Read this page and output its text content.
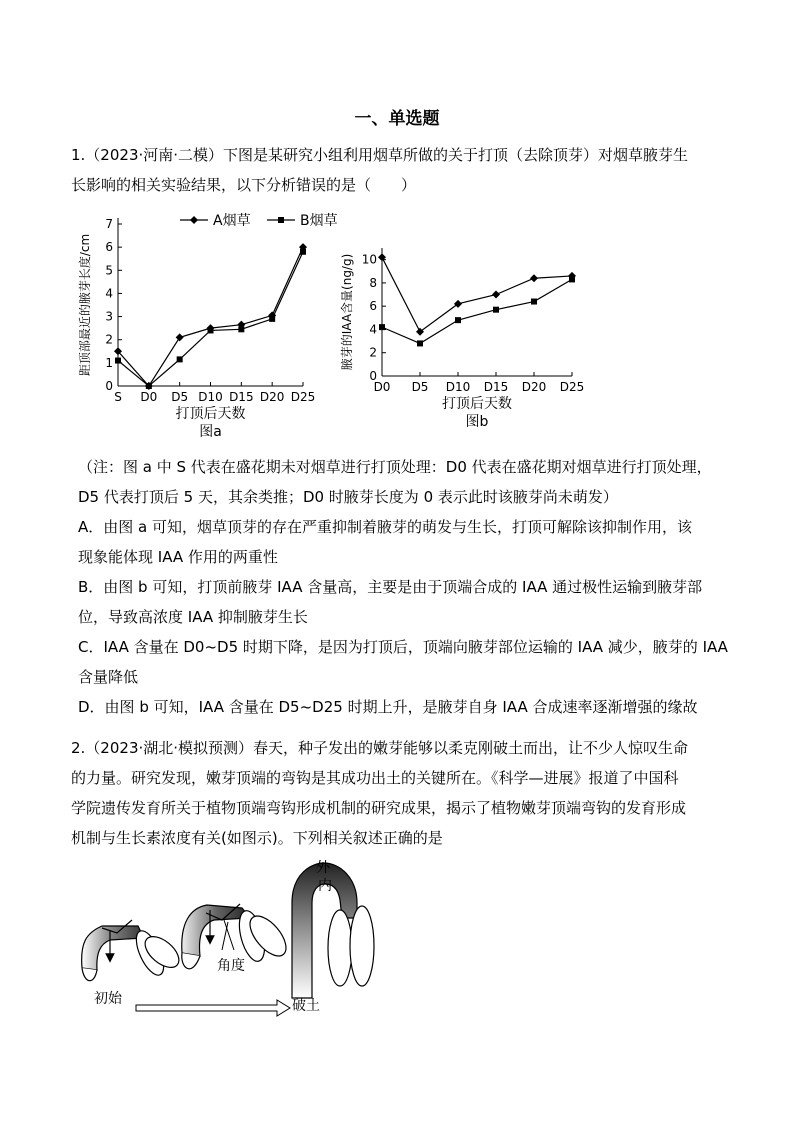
一、单选题

1.（2023·河南·二模）下图是某研究小组利用烟草所做的关于打顶（去除顶芽）对烟草腋芽生

长影响的相关实验结果，以下分析错误的是（　　）

0
1
2
3
4
5
6
7
S D0 D5 D10 D15 D20 D25
A烟草	B烟草
距顶部最近的腋芽长度/cm
打顶后天数
图a
0
2
4
6
8
10
D0 D5 D10 D15 D20 D25
腋芽的IAA含量(ng/g)
打顶后天数
图b

（注：图 a 中 S 代表在盛花期未对烟草进行打顶处理：D0 代表在盛花期对烟草进行打顶处理，

D5 代表打顶后 5 天，其余类推；D0 时腋芽长度为 0 表示此时该腋芽尚未萌发）

A．由图 a 可知，烟草顶芽的存在严重抑制着腋芽的萌发与生长，打顶可解除该抑制作用，该

现象能体现 IAA 作用的两重性

B．由图 b 可知，打顶前腋芽 IAA 含量高，主要是由于顶端合成的 IAA 通过极性运输到腋芽部

位，导致高浓度 IAA 抑制腋芽生长

C．IAA 含量在 D0~D5 时期下降，是因为打顶后，顶端向腋芽部位运输的 IAA 减少，腋芽的 IAA

含量降低

D．由图 b 可知，IAA 含量在 D5~D25 时期上升，是腋芽自身 IAA 合成速率逐渐增强的缘故

2.（2023·湖北·模拟预测）春天，种子发出的嫩芽能够以柔克刚破土而出，让不少人惊叹生命

的力量。研究发现，嫩芽顶端的弯钩是其成功出土的关键所在。《科学—进展》报道了中国科

学院遗传发育所关于植物顶端弯钩形成机制的研究成果，揭示了植物嫩芽顶端弯钩的发育形成

机制与生长素浓度有关(如图示)。下列相关叙述正确的是

角度
外
内
初始	破土
